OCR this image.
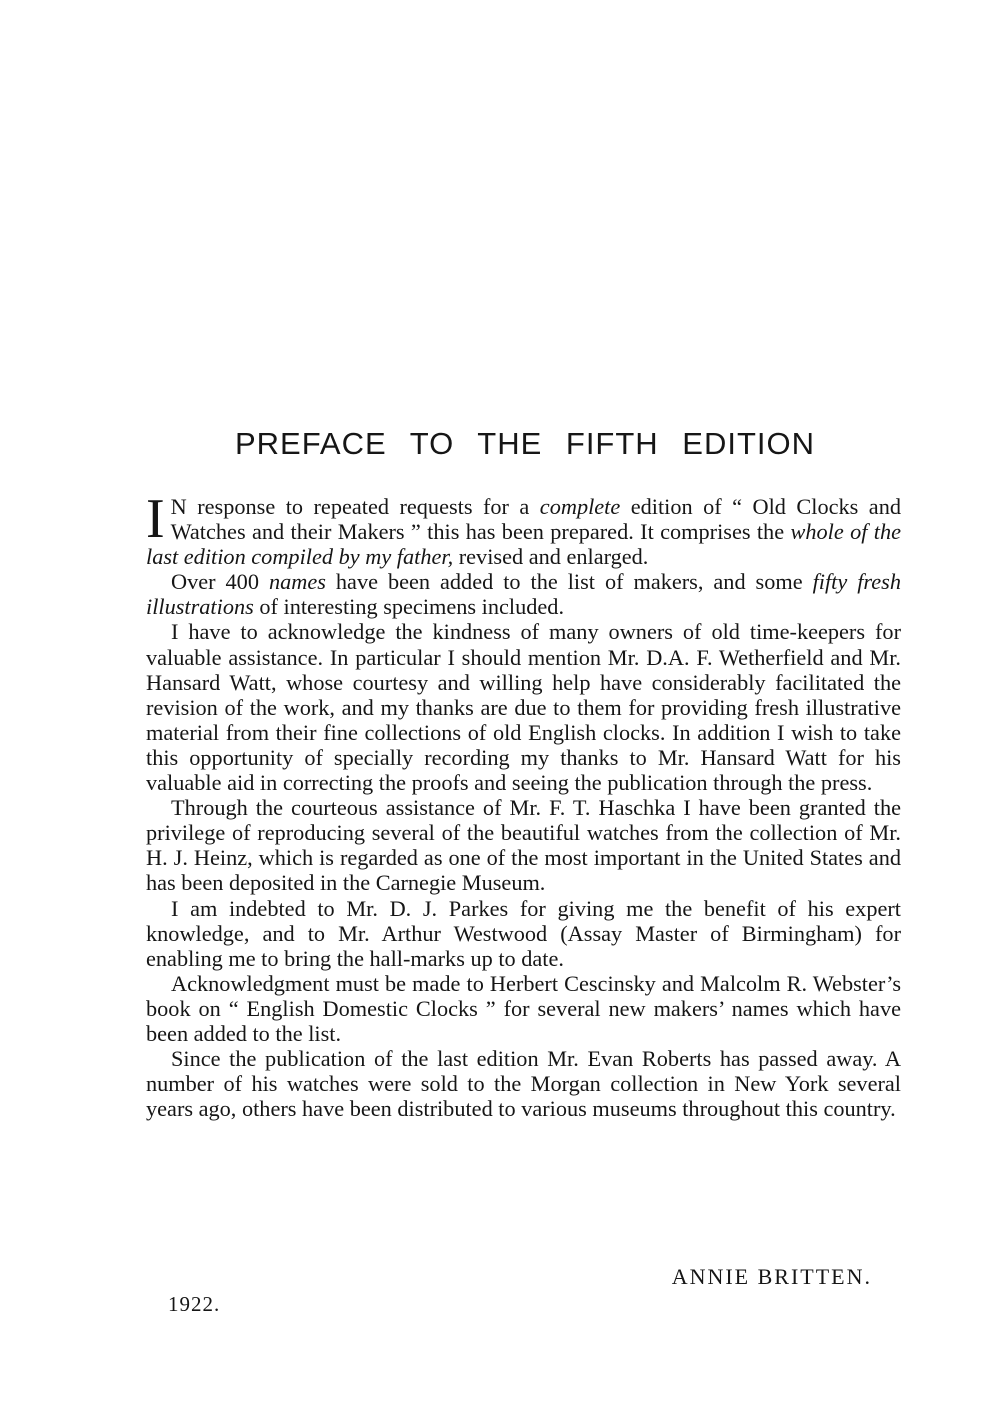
PREFACE TO THE FIFTH EDITION

I N response to repeated requests for a complete edition of “ Old Clocks and Watches and their Makers ” this has been prepared. It comprises the whole of the last edition compiled by my father, revised and enlarged.

Over 400 names have been added to the list of makers, and some fifty fresh illustrations of interesting specimens included.

I have to acknowledge the kindness of many owners of old time-keepers for valuable assistance. In particular I should mention Mr. D.A. F. Wetherfield and Mr. Hansard Watt, whose courtesy and willing help have considerably facilitated the revision of the work, and my thanks are due to them for providing fresh illustrative material from their fine collections of old English clocks. In addition I wish to take this opportunity of specially recording my thanks to Mr. Hansard Watt for his valuable aid in correcting the proofs and seeing the publication through the press.

Through the courteous assistance of Mr. F. T. Haschka I have been granted the privilege of reproducing several of the beautiful watches from the collection of Mr. H. J. Heinz, which is regarded as one of the most important in the United States and has been deposited in the Carnegie Museum.

I am indebted to Mr. D. J. Parkes for giving me the benefit of his expert knowledge, and to Mr. Arthur Westwood (Assay Master of Birmingham) for enabling me to bring the hall-marks up to date.

Acknowledgment must be made to Herbert Cescinsky and Malcolm R. Webster’s book on “ English Domestic Clocks ” for several new makers’ names which have been added to the list.

Since the publication of the last edition Mr. Evan Roberts has passed away. A number of his watches were sold to the Morgan collection in New York several years ago, others have been distributed to various museums throughout this country.

ANNIE BRITTEN.
1922.
